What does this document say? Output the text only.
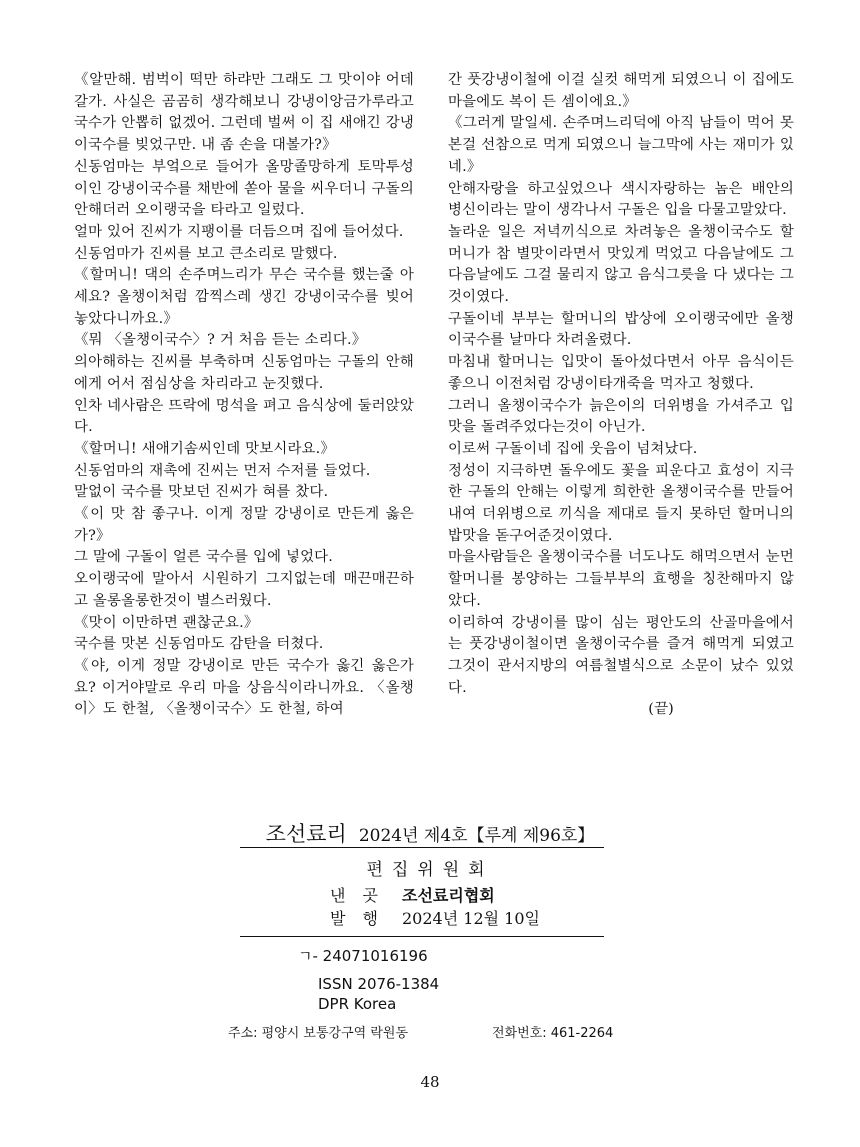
《알만해. 범벅이 떡만 하랴만 그래도 그 맛이야 어데 갈가. 사실은 곰곰히 생각해보니 강냉이앙금가루라고 국수가 안뽑히 없겠어. 그런데 벌써 이 집 새애긴 강냉이국수를 빚었구만. 내 좀 손을 대볼가?》

신동엄마는 부엌으로 들어가 올망졸망하게 토막투성이인 강냉이국수를 채반에 쏟아 물을 씨우더니 구돌의 안해더러 오이랭국을 타라고 일렀다.

얼마 있어 진씨가 지팽이를 더듬으며 집에 들어섰다.

신동엄마가 진씨를 보고 큰소리로 말했다.

《할머니! 댁의 손주며느리가 무슨 국수를 했는줄 아세요? 올챙이처럼 깜찍스레 생긴 강냉이국수를 빚어놓았다니까요.》

《뭐 〈올챙이국수〉? 거 처음 듣는 소리다.》

의아해하는 진씨를 부축하며 신동엄마는 구돌의 안해에게 어서 점심상을 차리라고 눈짓했다.

인차 네사람은 뜨락에 멍석을 펴고 음식상에 둘러앉았다.

《할머니! 새애기솜씨인데 맛보시라요.》

신동엄마의 재촉에 진씨는 먼저 수저를 들었다.

말없이 국수를 맛보던 진씨가 혀를 찼다.

《이 맛 참 좋구나. 이게 정말 강냉이로 만든게 옳은가?》

그 말에 구돌이 얼른 국수를 입에 넣었다.

오이랭국에 말아서 시원하기 그지없는데 매끈매끈하고 올롱올롱한것이 별스러웠다.

《맛이 이만하면 괜찮군요.》

국수를 맛본 신동엄마도 감탄을 터쳤다.

《야, 이게 정말 강냉이로 만든 국수가 옳긴 옳은가요? 이거야말로 우리 마을 상음식이라니까요. 〈올챙이〉도 한철, 〈올챙이국수〉도 한철, 하여

간 풋강냉이철에 이걸 실컷 해먹게 되였으니 이 집에도 마을에도 복이 든 셈이에요.》

《그러게 말일세. 손주며느리덕에 아직 남들이 먹어 못본걸 선참으로 먹게 되였으니 늘그막에 사는 재미가 있네.》

안해자랑을 하고싶었으나 색시자랑하는 놈은 배안의 병신이라는 말이 생각나서 구돌은 입을 다물고말았다.

놀라운 일은 저녁끼식으로 차려놓은 올챙이국수도 할머니가 참 별맛이라면서 맛있게 먹었고 다음날에도 그 다음날에도 그걸 물리지 않고 음식그릇을 다 냈다는 그것이였다.

구돌이네 부부는 할머니의 밥상에 오이랭국에만 올챙이국수를 날마다 차려올렸다.

마침내 할머니는 입맛이 돌아섰다면서 아무 음식이든 좋으니 이전처럼 강냉이타개죽을 먹자고 청했다.

그러니 올챙이국수가 늙은이의 더위병을 가셔주고 입맛을 돌려주었다는것이 아닌가.

이로써 구돌이네 집에 웃음이 넘쳐났다.

정성이 지극하면 돌우에도 꽃을 피운다고 효성이 지극한 구돌의 안해는 이렇게 희한한 올챙이국수를 만들어내여 더위병으로 끼식을 제대로 들지 못하던 할머니의 밥맛을 돋구어준것이였다.

마을사람들은 올챙이국수를 너도나도 해먹으면서 눈먼 할머니를 봉양하는 그들부부의 효행을 칭찬해마지 않았다.

이리하여 강냉이를 많이 심는 평안도의 산골마을에서는 풋강냉이철이면 올챙이국수를 즐겨 해먹게 되였고 그것이 관서지방의 여름철별식으로 소문이 났수 있었다.

(끝)

조선료리 2024년 제4호【루계 제96호】
편집위원회
낸 곳 조선료리협회
발 행 2024년 12월 10일
ㄱ- 24071016196
ISSN 2076-1384
DPR Korea
주소: 평양시 보통강구역 락원동	전화번호: 461-2264
48
